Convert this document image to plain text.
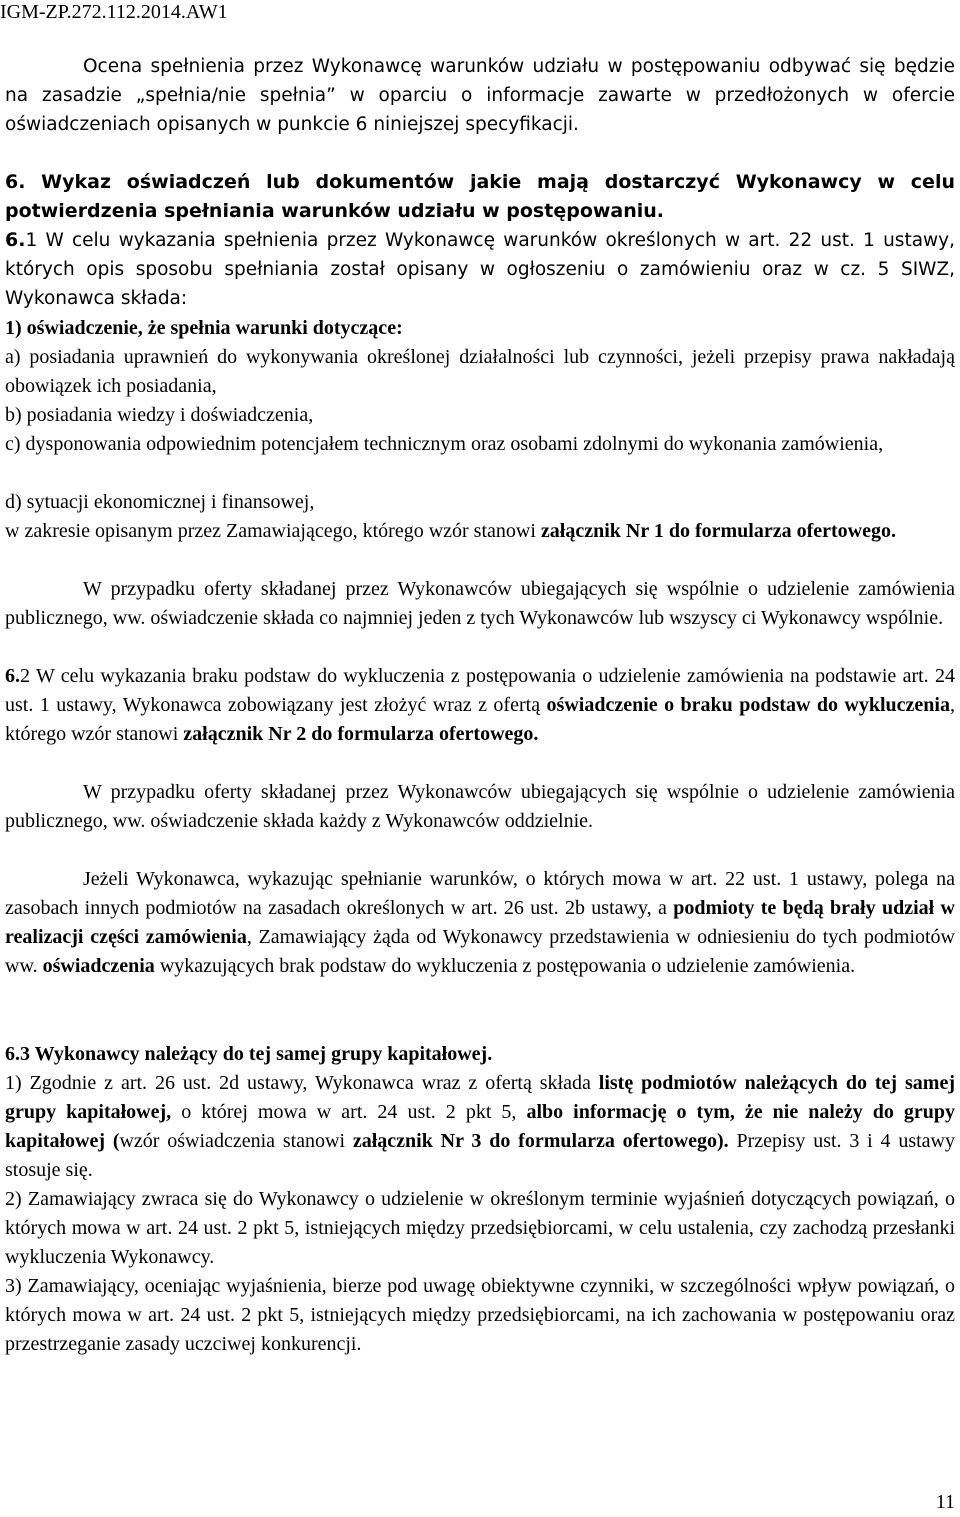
IGM-ZP.272.112.2014.AW1

Ocena spełnienia przez Wykonawcę warunków udziału w postępowaniu odbywać się będzie na zasadzie „spełnia/nie spełnia” w oparciu o informacje zawarte w przedłożonych w ofercie oświadczeniach opisanych w punkcie 6 niniejszej specyfikacji.

6. Wykaz oświadczeń lub dokumentów jakie mają dostarczyć Wykonawcy w celu potwierdzenia spełniania warunków udziału w postępowaniu.

6.1 W celu wykazania spełnienia przez Wykonawcę warunków określonych w art. 22 ust. 1 ustawy, których opis sposobu spełniania został opisany w ogłoszeniu o zamówieniu oraz w cz. 5 SIWZ, Wykonawca składa:

1) oświadczenie, że spełnia warunki dotyczące:

a) posiadania uprawnień do wykonywania określonej działalności lub czynności, jeżeli przepisy prawa nakładają obowiązek ich posiadania,

b) posiadania wiedzy i doświadczenia,

c) dysponowania odpowiednim potencjałem technicznym oraz osobami zdolnymi do wykonania zamówienia,

d) sytuacji ekonomicznej i finansowej,

w zakresie opisanym przez Zamawiającego, którego wzór stanowi załącznik Nr 1 do formularza ofertowego.

W przypadku oferty składanej przez Wykonawców ubiegających się wspólnie o udzielenie zamówienia publicznego, ww. oświadczenie składa co najmniej jeden z tych Wykonawców lub wszyscy ci Wykonawcy wspólnie.

6.2 W celu wykazania braku podstaw do wykluczenia z postępowania o udzielenie zamówienia na podstawie art. 24 ust. 1 ustawy, Wykonawca zobowiązany jest złożyć wraz z ofertą oświadczenie o braku podstaw do wykluczenia, którego wzór stanowi załącznik Nr 2 do formularza ofertowego.

W przypadku oferty składanej przez Wykonawców ubiegających się wspólnie o udzielenie zamówienia publicznego, ww. oświadczenie składa każdy z Wykonawców oddzielnie.

Jeżeli Wykonawca, wykazując spełnianie warunków, o których mowa w art. 22 ust. 1 ustawy, polega na zasobach innych podmiotów na zasadach określonych w art. 26 ust. 2b ustawy, a podmioty te będą brały udział w realizacji części zamówienia, Zamawiający żąda od Wykonawcy przedstawienia w odniesieniu do tych podmiotów ww. oświadczenia wykazujących brak podstaw do wykluczenia z postępowania o udzielenie zamówienia.

6.3 Wykonawcy należący do tej samej grupy kapitałowej.

1) Zgodnie z art. 26 ust. 2d ustawy, Wykonawca wraz z ofertą składa listę podmiotów należących do tej samej grupy kapitałowej, o której mowa w art. 24 ust. 2 pkt 5, albo informację o tym, że nie należy do grupy kapitałowej (wzór oświadczenia stanowi załącznik Nr 3 do formularza ofertowego). Przepisy ust. 3 i 4 ustawy stosuje się.

2) Zamawiający zwraca się do Wykonawcy o udzielenie w określonym terminie wyjaśnień dotyczących powiązań, o których mowa w art. 24 ust. 2 pkt 5, istniejących między przedsiębiorcami, w celu ustalenia, czy zachodzą przesłanki wykluczenia Wykonawcy.

3) Zamawiający, oceniając wyjaśnienia, bierze pod uwagę obiektywne czynniki, w szczególności wpływ powiązań, o których mowa w art. 24 ust. 2 pkt 5, istniejących między przedsiębiorcami, na ich zachowania w postępowaniu oraz przestrzeganie zasady uczciwej konkurencji.

11
